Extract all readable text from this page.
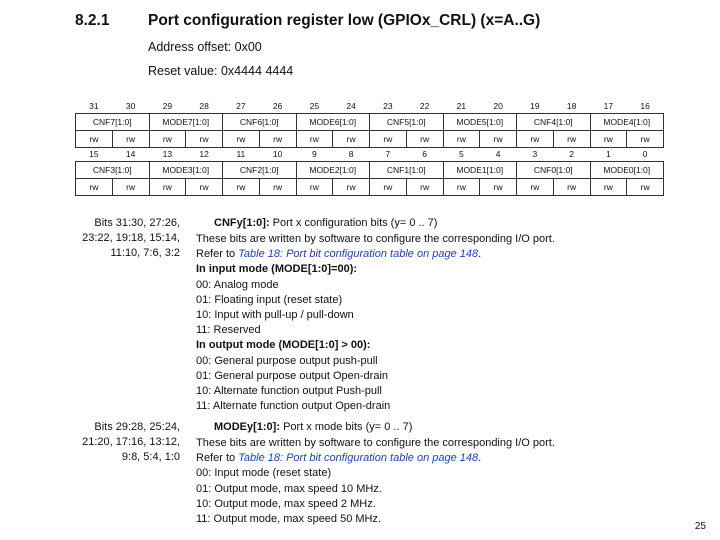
8.2.1 Port configuration register low (GPIOx_CRL) (x=A..G)
Address offset: 0x00
Reset value: 0x4444 4444
31	30	29	28	27	26	25	24	23	22	21	20	19	18	17	16
CNF7[1:0]		MODE7[1:0]		CNF6[1:0]		MODE6[1:0]		CNF5[1:0]		MODE5[1:0]		CNF4[1:0]		MODE4[1:0]	
rw	rw	rw	rw	rw	rw	rw	rw	rw	rw	rw	rw	rw	rw	rw	rw
15	14	13	12	11	10	9	8	7	6	5	4	3	2	1	0
CNF3[1:0]		MODE3[1:0]		CNF2[1:0]		MODE2[1:0]		CNF1[1:0]		MODE1[1:0]		CNF0[1:0]		MODE0[1:0]	
rw	rw	rw	rw	rw	rw	rw	rw	rw	rw	rw	rw	rw	rw	rw	rw
Bits 31:30, 27:26,
23:22, 19:18, 15:14,
11:10, 7:6, 3:2
CNFy[1:0]: Port x configuration bits (y= 0 .. 7)
These bits are written by software to configure the corresponding I/O port.
Refer to Table 18: Port bit configuration table on page 148.
In input mode (MODE[1:0]=00):
00: Analog mode
01: Floating input (reset state)
10: Input with pull-up / pull-down
11: Reserved
In output mode (MODE[1:0] > 00):
00: General purpose output push-pull
01: General purpose output Open-drain
10: Alternate function output Push-pull
11: Alternate function output Open-drain
Bits 29:28, 25:24,
21:20, 17:16, 13:12,
9:8, 5:4, 1:0
MODEy[1:0]: Port x mode bits (y= 0 .. 7)
These bits are written by software to configure the corresponding I/O port.
Refer to Table 18: Port bit configuration table on page 148.
00: Input mode (reset state)
01: Output mode, max speed 10 MHz.
10: Output mode, max speed 2 MHz.
11: Output mode, max speed 50 MHz.
25
